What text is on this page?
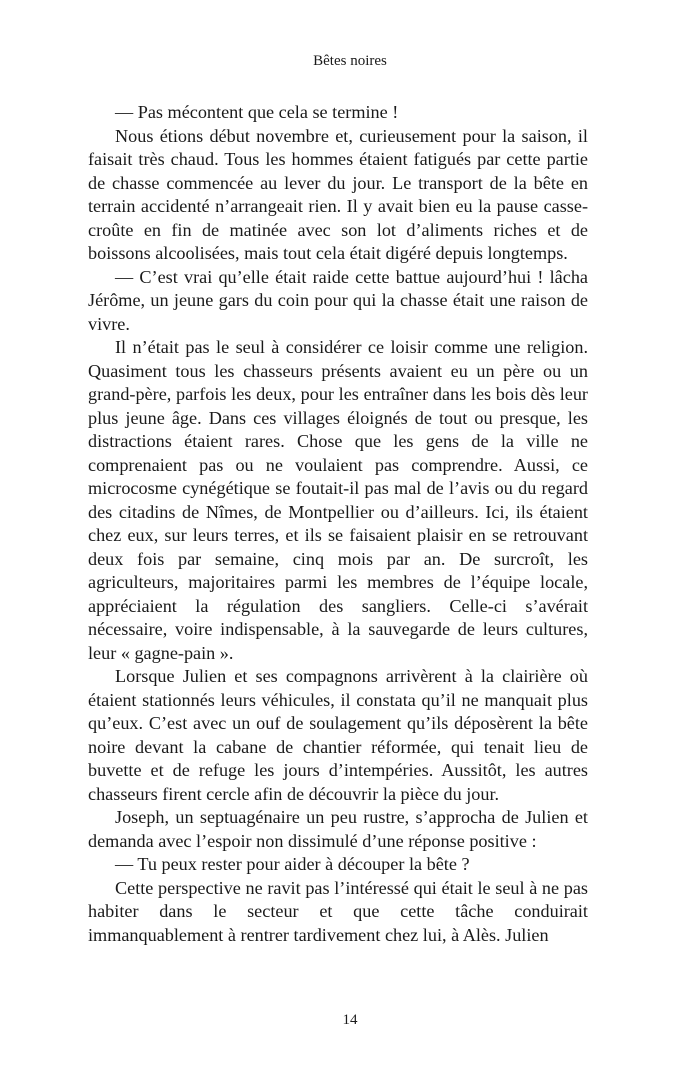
Bêtes noires

— Pas mécontent que cela se termine !

Nous étions début novembre et, curieusement pour la saison, il faisait très chaud. Tous les hommes étaient fatigués par cette partie de chasse commencée au lever du jour. Le transport de la bête en terrain accidenté n’arrangeait rien. Il y avait bien eu la pause casse-croûte en fin de matinée avec son lot d’aliments riches et de boissons alcoolisées, mais tout cela était digéré depuis longtemps.

— C’est vrai qu’elle était raide cette battue aujourd’hui ! lâcha Jérôme, un jeune gars du coin pour qui la chasse était une raison de vivre.

Il n’était pas le seul à considérer ce loisir comme une religion. Quasiment tous les chasseurs présents avaient eu un père ou un grand-père, parfois les deux, pour les entraîner dans les bois dès leur plus jeune âge. Dans ces villages éloignés de tout ou presque, les distractions étaient rares. Chose que les gens de la ville ne comprenaient pas ou ne voulaient pas comprendre. Aussi, ce microcosme cynégétique se foutait-il pas mal de l’avis ou du regard des citadins de Nîmes, de Montpellier ou d’ailleurs. Ici, ils étaient chez eux, sur leurs terres, et ils se faisaient plaisir en se retrouvant deux fois par semaine, cinq mois par an. De surcroît, les agriculteurs, majoritaires parmi les membres de l’équipe locale, appréciaient la régulation des sangliers. Celle-ci s’avérait nécessaire, voire indispensable, à la sauvegarde de leurs cultures, leur « gagne-pain ».

Lorsque Julien et ses compagnons arrivèrent à la clairière où étaient stationnés leurs véhicules, il constata qu’il ne manquait plus qu’eux. C’est avec un ouf de soulagement qu’ils déposèrent la bête noire devant la cabane de chantier réformée, qui tenait lieu de buvette et de refuge les jours d’intempéries. Aussitôt, les autres chasseurs firent cercle afin de découvrir la pièce du jour.

Joseph, un septuagénaire un peu rustre, s’approcha de Julien et demanda avec l’espoir non dissimulé d’une réponse positive :

— Tu peux rester pour aider à découper la bête ?

Cette perspective ne ravit pas l’intéressé qui était le seul à ne pas habiter dans le secteur et que cette tâche conduirait immanquablement à rentrer tardivement chez lui, à Alès. Julien

14
